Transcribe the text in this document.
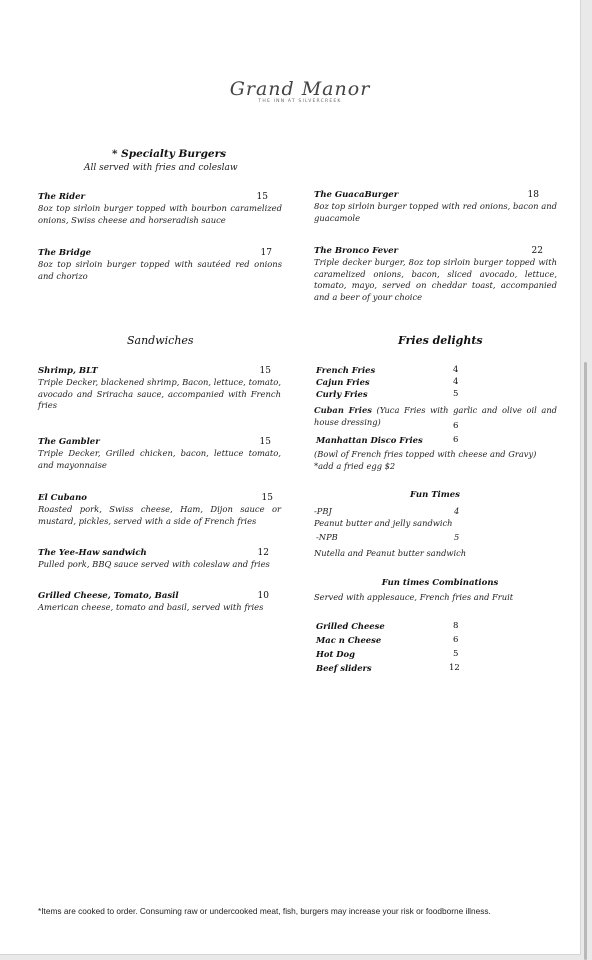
Grand Manor
THE INN AT SILVERCREEK
* Specialty Burgers
All served with fries and coleslaw
The Rider	15
8oz top sirloin burger topped with bourbon caramelized onions, Swiss cheese and horseradish sauce
The Bridge	17
8oz top sirloin burger topped with sautéed red onions and chorizo
The GuacaBurger	18
8oz top sirloin burger topped with red onions, bacon and guacamole
The Bronco Fever	22
Triple decker burger, 8oz top sirloin burger topped with caramelized onions, bacon, sliced avocado, lettuce, tomato, mayo, served on cheddar toast, accompanied and a beer of your choice
Sandwiches
Shrimp, BLT	15
Triple Decker, blackened shrimp, Bacon, lettuce, tomato, avocado and Sriracha sauce, accompanied with French fries
The Gambler	15
Triple Decker, Grilled chicken, bacon, lettuce tomato, and mayonnaise
El Cubano	15
Roasted pork, Swiss cheese, Ham, Dijon sauce or mustard, pickles, served with a side of French fries
The Yee-Haw sandwich	12
Pulled pork, BBQ sauce served with coleslaw and fries
Grilled Cheese, Tomato, Basil	10
American cheese, tomato and basil, served with fries
Fries delights
French Fries	4
Cajun Fries	4
Curly Fries	5
Cuban Fries (Yuca Fries with garlic and olive oil and house dressing)	6
Manhattan Disco Fries	6
(Bowl of French fries topped with cheese and Gravy)
*add a fried egg $2
Fun Times
-PBJ	4
Peanut butter and jelly sandwich
-NPB	5
Nutella and Peanut butter sandwich
Fun times Combinations
Served with applesauce, French fries and Fruit
Grilled Cheese	8
Mac n Cheese	6
Hot Dog	5
Beef sliders	12
*Items are cooked to order. Consuming raw or undercooked meat, fish, burgers may increase your risk or foodborne illness.
